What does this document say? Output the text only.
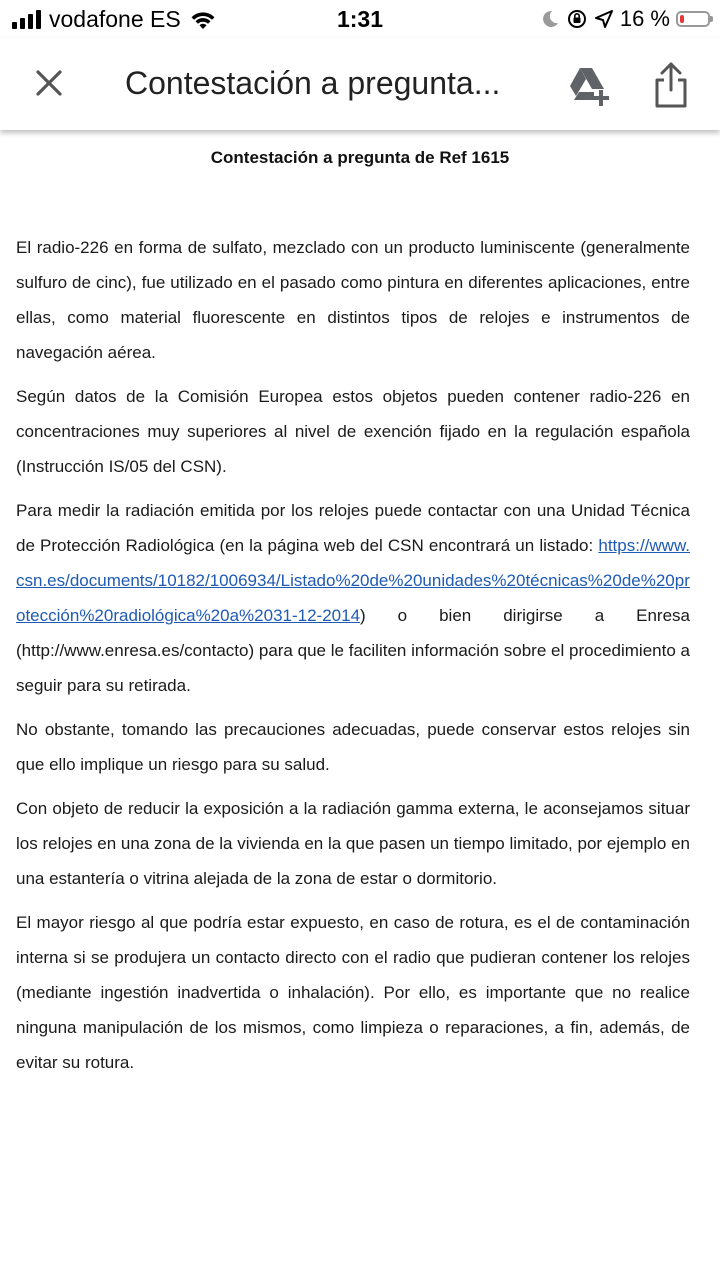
vodafone ES	1:31	16 %
Contestación a pregunta...
Contestación a pregunta de Ref 1615

El radio-226 en forma de sulfato, mezclado con un producto luminiscente (generalmente sulfuro de cinc), fue utilizado en el pasado como pintura en diferentes aplicaciones, entre ellas, como material fluorescente en distintos tipos de relojes e instrumentos de navegación aérea.

Según datos de la Comisión Europea estos objetos pueden contener radio-226 en concentraciones muy superiores al nivel de exención fijado en la regulación española (Instrucción IS/05 del CSN).

Para medir la radiación emitida por los relojes puede contactar con una Unidad Técnica de Protección Radiológica (en la página web del CSN encontrará un listado: https://www.csn.es/documents/10182/1006934/Listado%20de%20unidades%20técnicas%20de%20protección%20radiológica%20a%2031-12-2014) o bien dirigirse a Enresa (http://www.enresa.es/contacto) para que le faciliten información sobre el procedimiento a seguir para su retirada.

No obstante, tomando las precauciones adecuadas, puede conservar estos relojes sin que ello implique un riesgo para su salud.

Con objeto de reducir la exposición a la radiación gamma externa, le aconsejamos situar los relojes en una zona de la vivienda en la que pasen un tiempo limitado, por ejemplo en una estantería o vitrina alejada de la zona de estar o dormitorio.

El mayor riesgo al que podría estar expuesto, en caso de rotura, es el de contaminación interna si se produjera un contacto directo con el radio que pudieran contener los relojes (mediante ingestión inadvertida o inhalación). Por ello, es importante que no realice ninguna manipulación de los mismos, como limpieza o reparaciones, a fin, además, de evitar su rotura.
